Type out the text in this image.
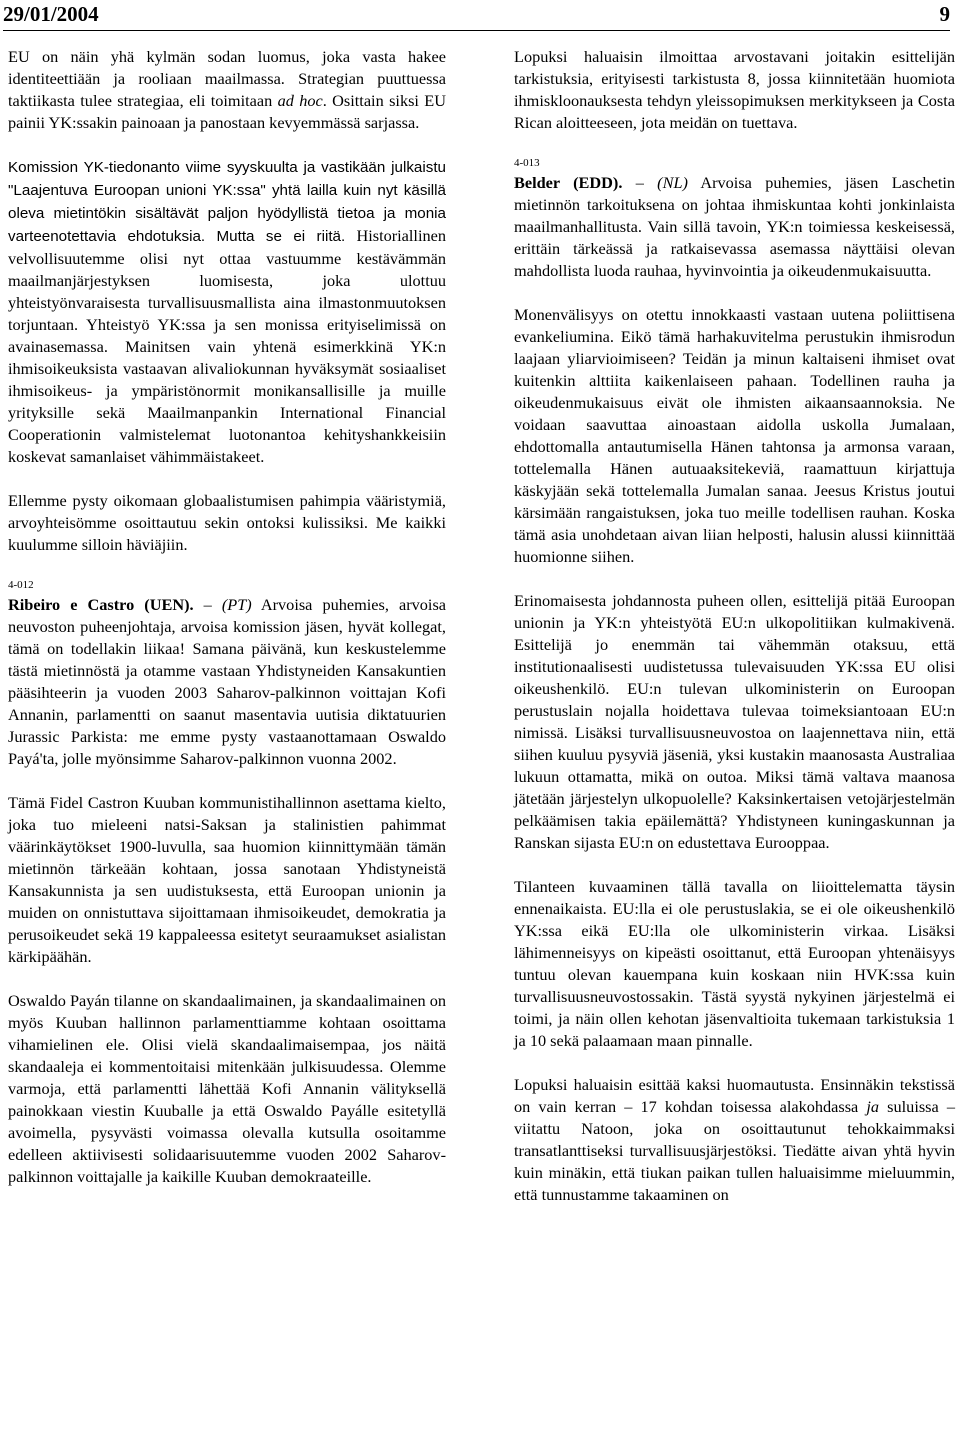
29/01/2004	9

EU on näin yhä kylmän sodan luomus, joka vasta hakee identiteettiään ja rooliaan maailmassa. Strategian puuttuessa taktiikasta tulee strategiaa, eli toimitaan ad hoc. Osittain siksi EU painii YK:ssakin painoaan ja panostaan kevyemmässä sarjassa.

Komission YK-tiedonanto viime syyskuulta ja vastikään julkaistu "Laajentuva Euroopan unioni YK:ssa" yhtä lailla kuin nyt käsillä oleva mietintökin sisältävät paljon hyödyllistä tietoa ja monia varteenotettavia ehdotuksia. Mutta se ei riitä. Historiallinen velvollisuutemme olisi nyt ottaa vastuumme kestävämmän maailmanjärjestyksen luomisesta, joka ulottuu yhteistyönvaraisesta turvallisuusmallista aina ilmastonmuutoksen torjuntaan. Yhteistyö YK:ssa ja sen monissa erityiselimissä on avainasemassa. Mainitsen vain yhtenä esimerkkinä YK:n ihmisoikeuksista vastaavan alivaliokunnan hyväksymät sosiaaliset ihmisoikeus- ja ympäristönormit monikansallisille ja muille yrityksille sekä Maailmanpankin International Financial Cooperationin valmistelemat luotonantoa kehityshankkeisiin koskevat samanlaiset vähimmäistakeet.

Ellemme pysty oikomaan globaalistumisen pahimpia vääristymiä, arvoyhteisömme osoittautuu sekin ontoksi kulissiksi. Me kaikki kuulumme silloin häviäjiin.

4-012

Ribeiro e Castro (UEN). – (PT) Arvoisa puhemies, arvoisa neuvoston puheenjohtaja, arvoisa komission jäsen, hyvät kollegat, tämä on todellakin liikaa! Samana päivänä, kun keskustelemme tästä mietinnöstä ja otamme vastaan Yhdistyneiden Kansakuntien pääsihteerin ja vuoden 2003 Saharov-palkinnon voittajan Kofi Annanin, parlamentti on saanut masentavia uutisia diktatuurien Jurassic Parkista: me emme pysty vastaanottamaan Oswaldo Payá'ta, jolle myönsimme Saharov-palkinnon vuonna 2002.

Tämä Fidel Castron Kuuban kommunistihallinnon asettama kielto, joka tuo mieleeni natsi-Saksan ja stalinistien pahimmat väärinkäytökset 1900-luvulla, saa huomion kiinnittymään tämän mietinnön tärkeään kohtaan, jossa sanotaan Yhdistyneistä Kansakunnista ja sen uudistuksesta, että Euroopan unionin ja muiden on onnistuttava sijoittamaan ihmisoikeudet, demokratia ja perusoikeudet sekä 19 kappaleessa esitetyt seuraamukset asialistan kärkipäähän.

Oswaldo Payán tilanne on skandaalimainen, ja skandaalimainen on myös Kuuban hallinnon parlamenttiamme kohtaan osoittama vihamielinen ele. Olisi vielä skandaalimaisempaa, jos näitä skandaaleja ei kommentoitaisi mitenkään julkisuudessa. Olemme varmoja, että parlamentti lähettää Kofi Annanin välityksellä painokkaan viestin Kuuballe ja että Oswaldo Payálle esitetyllä avoimella, pysyvästi voimassa olevalla kutsulla osoitamme edelleen aktiivisesti solidaarisuutemme vuoden 2002 Saharov-palkinnon voittajalle ja kaikille Kuuban demokraateille.

Lopuksi haluaisin ilmoittaa arvostavani joitakin esittelijän tarkistuksia, erityisesti tarkistusta 8, jossa kiinnitetään huomiota ihmiskloonauksesta tehdyn yleissopimuksen merkitykseen ja Costa Rican aloitteeseen, jota meidän on tuettava.

4-013

Belder (EDD). – (NL) Arvoisa puhemies, jäsen Laschetin mietinnön tarkoituksena on johtaa ihmiskuntaa kohti jonkinlaista maailmanhallitusta. Vain sillä tavoin, YK:n toimiessa keskeisessä, erittäin tärkeässä ja ratkaisevassa asemassa näyttäisi olevan mahdollista luoda rauhaa, hyvinvointia ja oikeudenmukaisuutta.

Monenvälisyys on otettu innokkaasti vastaan uutena poliittisena evankeliumina. Eikö tämä harhakuvitelma perustukin ihmisrodun laajaan yliarvioimiseen? Teidän ja minun kaltaiseni ihmiset ovat kuitenkin alttiita kaikenlaiseen pahaan. Todellinen rauha ja oikeudenmukaisuus eivät ole ihmisten aikaansaannoksia. Ne voidaan saavuttaa ainoastaan aidolla uskolla Jumalaan, ehdottomalla antautumisella Hänen tahtonsa ja armonsa varaan, tottelemalla Hänen autuaaksitekeviä, raamattuun kirjattuja käskyjään sekä tottelemalla Jumalan sanaa. Jeesus Kristus joutui kärsimään rangaistuksen, joka tuo meille todellisen rauhan. Koska tämä asia unohdetaan aivan liian helposti, halusin alussi kiinnittää huomionne siihen.

Erinomaisesta johdannosta puheen ollen, esittelijä pitää Euroopan unionin ja YK:n yhteistyötä EU:n ulkopolitiikan kulmakivenä. Esittelijä jo enemmän tai vähemmän otaksuu, että institutionaalisesti uudistetussa tulevaisuuden YK:ssa EU olisi oikeushenkilö. EU:n tulevan ulkoministerin on Euroopan perustuslain nojalla hoidettava tulevaa toimeksiantoaan EU:n nimissä. Lisäksi turvallisuusneuvostoa on laajennettava niin, että siihen kuuluu pysyviä jäseniä, yksi kustakin maanosasta Australiaa lukuun ottamatta, mikä on outoa. Miksi tämä valtava maanosa jätetään järjestelyn ulkopuolelle? Kaksinkertaisen vetojärjestelmän pelkäämisen takia epäilemättä? Yhdistyneen kuningaskunnan ja Ranskan sijasta EU:n on edustettava Eurooppaa.

Tilanteen kuvaaminen tällä tavalla on liioittelematta täysin ennenaikaista. EU:lla ei ole perustuslakia, se ei ole oikeushenkilö YK:ssa eikä EU:lla ole ulkoministerin virkaa. Lisäksi lähimenneisyys on kipeästi osoittanut, että Euroopan yhtenäisyys tuntuu olevan kauempana kuin koskaan niin HVK:ssa kuin turvallisuusneuvostossakin. Tästä syystä nykyinen järjestelmä ei toimi, ja näin ollen kehotan jäsenvaltioita tukemaan tarkistuksia 1 ja 10 sekä palaamaan maan pinnalle.

Lopuksi haluaisin esittää kaksi huomautusta. Ensinnäkin tekstissä on vain kerran – 17 kohdan toisessa alakohdassa ja suluissa – viitattu Natoon, joka on osoittautunut tehokkaimmaksi transatlanttiseksi turvallisuusjärjestöksi. Tiedätte aivan yhtä hyvin kuin minäkin, että tiukan paikan tullen haluaisimme mieluummin, että tunnustamme takaaminen on
